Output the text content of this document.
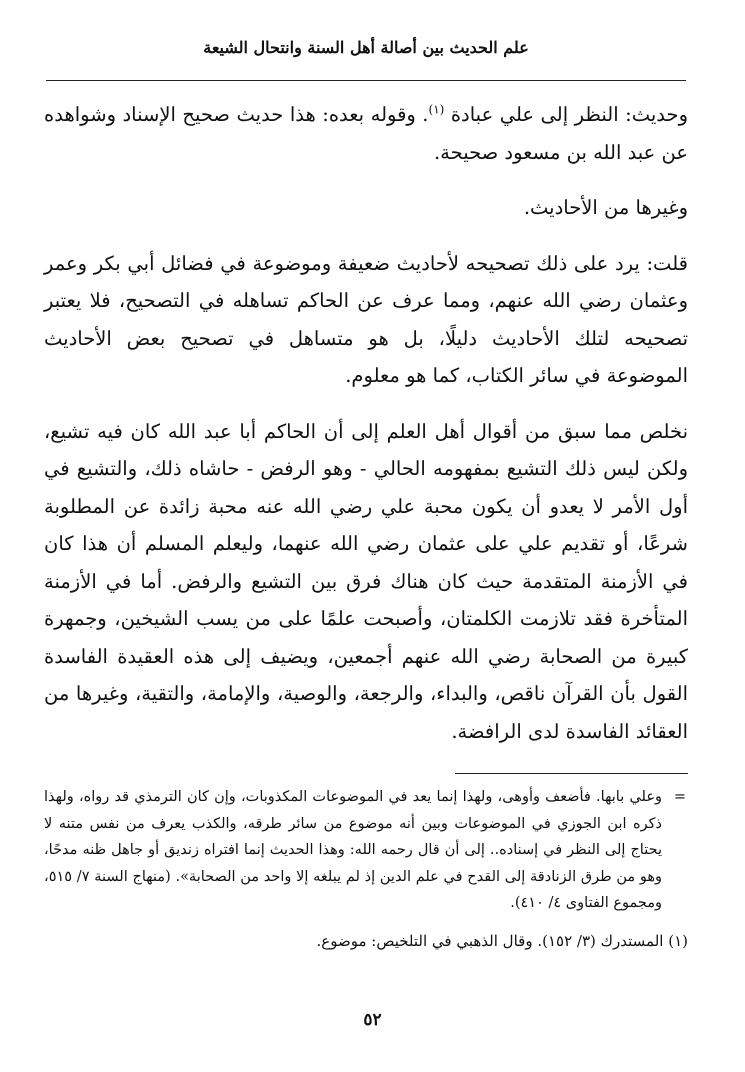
علم الحديث بين أصالة أهل السنة وانتحال الشيعة

وحديث: النظر إلى علي عبادة $^{(١)}$. وقوله بعده: هذا حديث صحيح الإسناد وشواهده عن عبد الله بن مسعود صحيحة.

وغيرها من الأحاديث.

قلت: يرد على ذلك تصحيحه لأحاديث ضعيفة وموضوعة في فضائل أبي بكر وعمر وعثمان رضي الله عنهم، ومما عرف عن الحاكم تساهله في التصحيح، فلا يعتبر تصحيحه لتلك الأحاديث دليلًا، بل هو متساهل في تصحيح بعض الأحاديث الموضوعة في سائر الكتاب، كما هو معلوم.

نخلص مما سبق من أقوال أهل العلم إلى أن الحاكم أبا عبد الله كان فيه تشيع، ولكن ليس ذلك التشيع بمفهومه الحالي - وهو الرفض - حاشاه ذلك، والتشيع في أول الأمر لا يعدو أن يكون محبة علي رضي الله عنه محبة زائدة عن المطلوبة شرعًا، أو تقديم علي على عثمان رضي الله عنهما، وليعلم المسلم أن هذا كان في الأزمنة المتقدمة حيث كان هناك فرق بين التشيع والرفض. أما في الأزمنة المتأخرة فقد تلازمت الكلمتان، وأصبحت علمًا على من يسب الشيخين، وجمهرة كبيرة من الصحابة رضي الله عنهم أجمعين، ويضيف إلى هذه العقيدة الفاسدة القول بأن القرآن ناقص، والبداء، والرجعة، والوصية، والإمامة، والتقية، وغيرها من العقائد الفاسدة لدى الرافضة.

=
وعلي بابها. فأضعف وأوهى، ولهذا إنما يعد في الموضوعات المكذوبات، وإن كان الترمذي قد رواه، ولهذا ذكره ابن الجوزي في الموضوعات وبين أنه موضوع من سائر طرقه، والكذب يعرف من نفس متنه لا يحتاج إلى النظر في إسناده.. إلى أن قال رحمه الله: وهذا الحديث إنما افتراه زنديق أو جاهل ظنه مدحًا، وهو من طرق الزنادقة إلى القدح في علم الدين إذ لم يبلغه إلا واحد من الصحابة». (منهاج السنة ٧/ ٥١٥، ومجموع الفتاوى ٤/ ٤١٠).
(١) المستدرك (٣/ ١٥٢). وقال الذهبي في التلخيص: موضوع.
٥٢
